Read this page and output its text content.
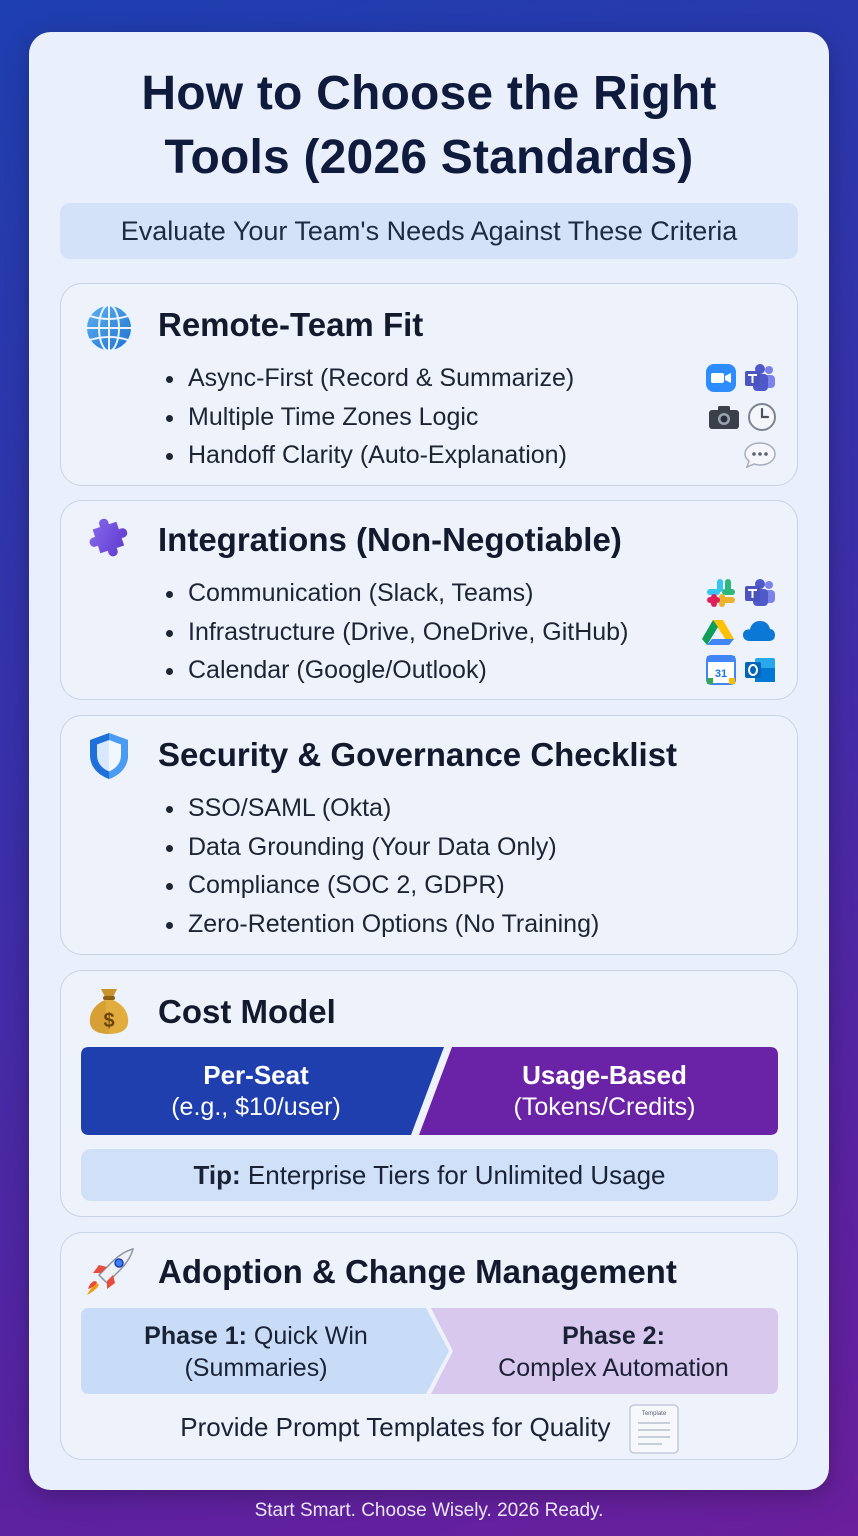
How to Choose the Right
Tools (2026 Standards)
Evaluate Your Team's Needs Against These Criteria
Remote-Team Fit
Async-First (Record & Summarize)
Multiple Time Zones Logic
Handoff Clarity (Auto-Explanation)
Integrations (Non-Negotiable)
Communication (Slack, Teams)
Infrastructure (Drive, OneDrive, GitHub)
Calendar (Google/Outlook)	31
Security & Governance Checklist
SSO/SAML (Okta)
Data Grounding (Your Data Only)
Compliance (SOC 2, GDPR)
Zero-Retention Options (No Training)
$ Cost Model
Per-Seat
(e.g., $10/user)
Usage-Based
(Tokens/Credits)
Tip: Enterprise Tiers for Unlimited Usage
Adoption & Change Management
Phase 1: Quick Win
(Summaries)
Phase 2:
Complex Automation
Provide Prompt Templates for Quality	Template
Start Smart. Choose Wisely. 2026 Ready.
